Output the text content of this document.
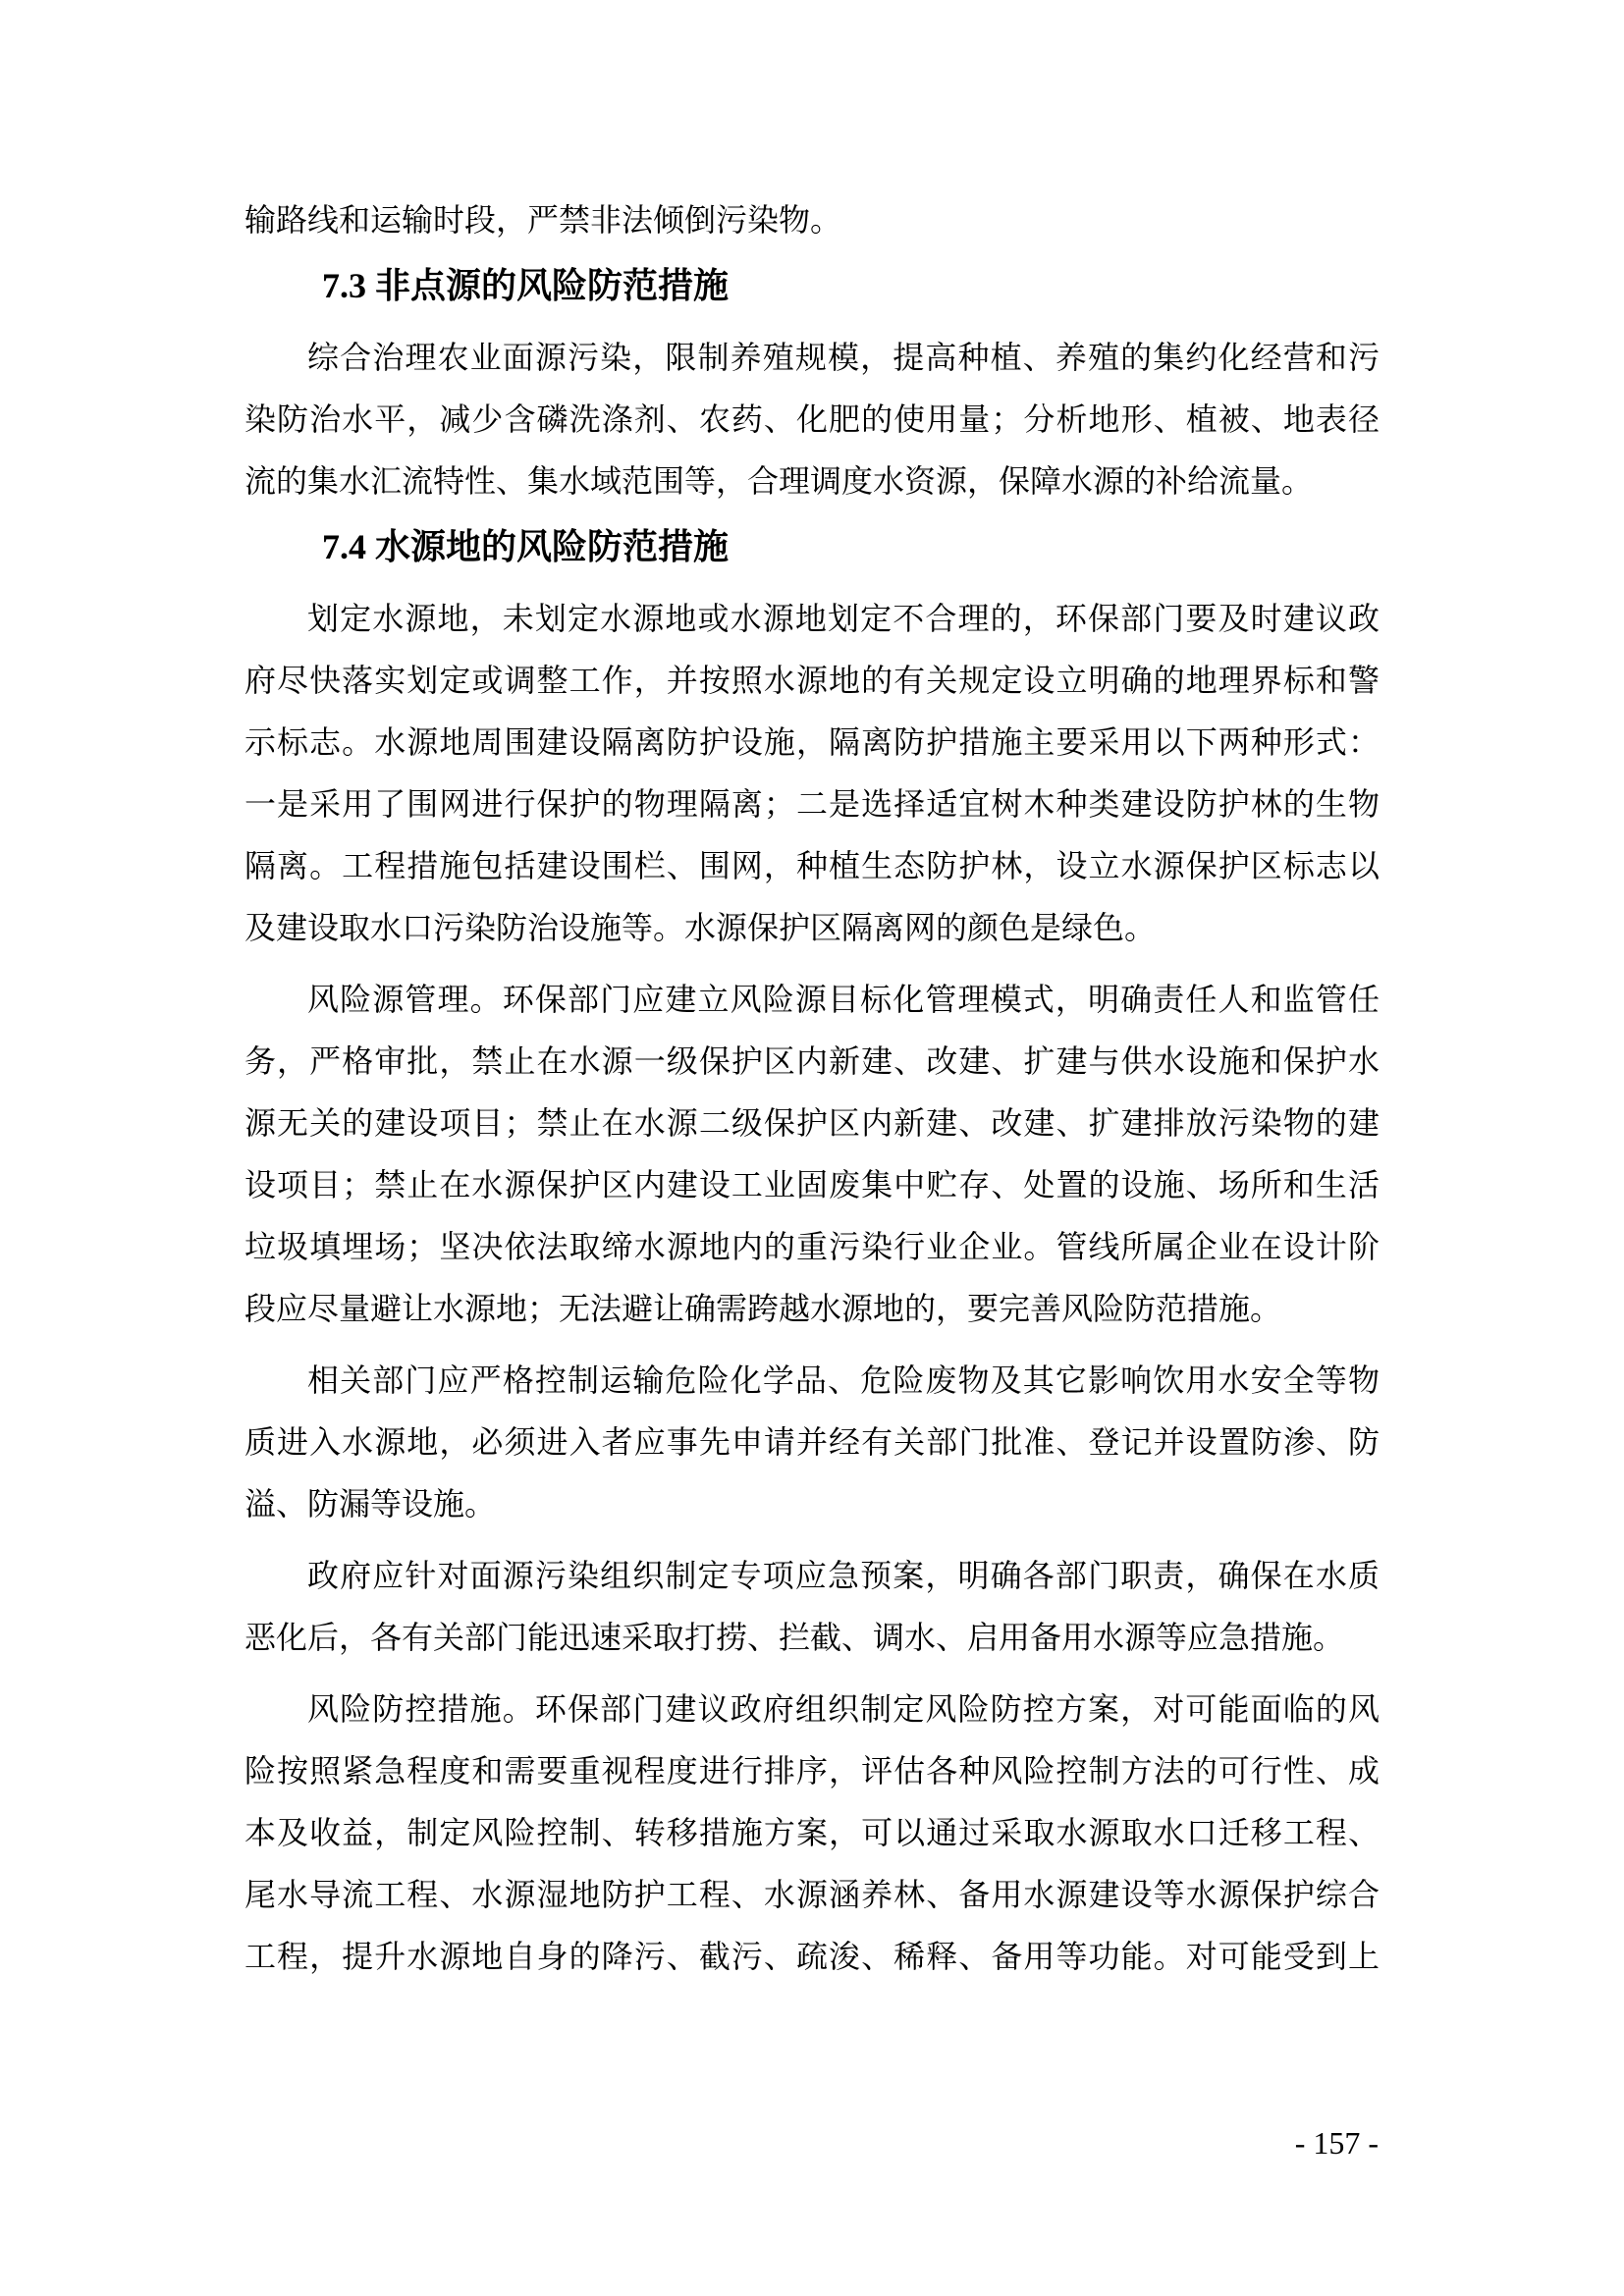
输路线和运输时段，严禁非法倾倒污染物。
7.3 非点源的风险防范措施
综合治理农业面源污染，限制养殖规模，提高种植、养殖的集约化经营和污
染防治水平，减少含磷洗涤剂、农药、化肥的使用量；分析地形、植被、地表径
流的集水汇流特性、集水域范围等，合理调度水资源，保障水源的补给流量。
7.4 水源地的风险防范措施
划定水源地，未划定水源地或水源地划定不合理的，环保部门要及时建议政
府尽快落实划定或调整工作，并按照水源地的有关规定设立明确的地理界标和警
示标志。水源地周围建设隔离防护设施，隔离防护措施主要采用以下两种形式：
一是采用了围网进行保护的物理隔离；二是选择适宜树木种类建设防护林的生物
隔离。工程措施包括建设围栏、围网，种植生态防护林，设立水源保护区标志以
及建设取水口污染防治设施等。水源保护区隔离网的颜色是绿色。
风险源管理。环保部门应建立风险源目标化管理模式，明确责任人和监管任
务，严格审批，禁止在水源一级保护区内新建、改建、扩建与供水设施和保护水
源无关的建设项目；禁止在水源二级保护区内新建、改建、扩建排放污染物的建
设项目；禁止在水源保护区内建设工业固废集中贮存、处置的设施、场所和生活
垃圾填埋场；坚决依法取缔水源地内的重污染行业企业。管线所属企业在设计阶
段应尽量避让水源地；无法避让确需跨越水源地的，要完善风险防范措施。
相关部门应严格控制运输危险化学品、危险废物及其它影响饮用水安全等物
质进入水源地，必须进入者应事先申请并经有关部门批准、登记并设置防渗、防
溢、防漏等设施。
政府应针对面源污染组织制定专项应急预案，明确各部门职责，确保在水质
恶化后，各有关部门能迅速采取打捞、拦截、调水、启用备用水源等应急措施。
风险防控措施。环保部门建议政府组织制定风险防控方案，对可能面临的风
险按照紧急程度和需要重视程度进行排序，评估各种风险控制方法的可行性、成
本及收益，制定风险控制、转移措施方案，可以通过采取水源取水口迁移工程、
尾水导流工程、水源湿地防护工程、水源涵养林、备用水源建设等水源保护综合
工程，提升水源地自身的降污、截污、疏浚、稀释、备用等功能。对可能受到上
- 157 -
